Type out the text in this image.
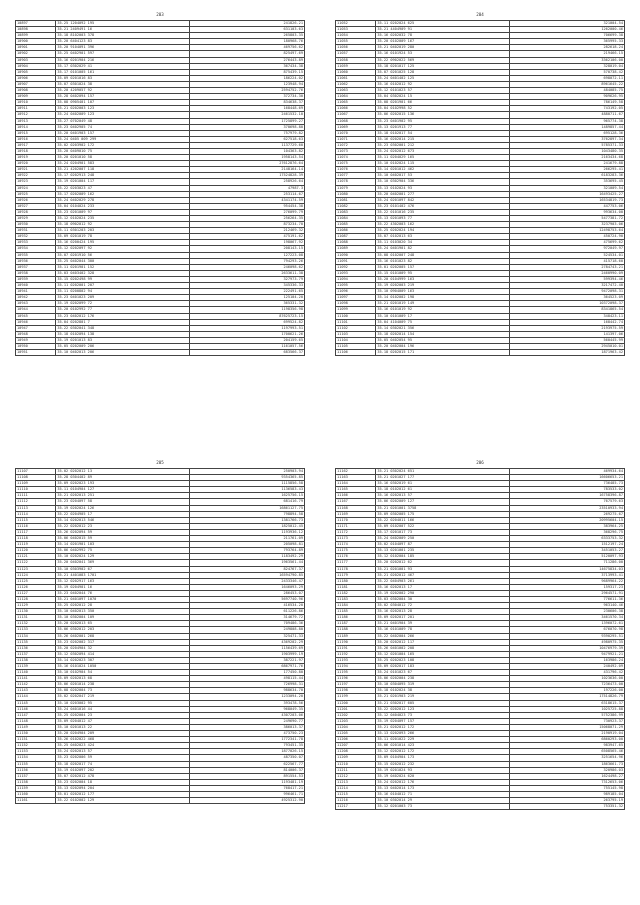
203
10897	35.25 1204092 195	241826.21
10898	35.21 2409491 16	631103.63
10899	35.18 8102003 378	265803.35
10900	35.20 6404123 83	180968.76
10901	35.20 9104091 396	469756.62
10902	35.25 0402901 597	825497.69
10903	35.16 0201904 216	276443.89
10904	35.17 0302029 41	367434.38
10905	35.17 0101005 161	875439.15
10906	35.09 0201016 83	186224.02
10907	35.07 0301024 38	123948.94
10908	35.20 4209057 92	2594752.76
10909	35.28 0402094 157	372734.30
10910	35.08 0905401 107	834638.37
10911	35.21 0202003 123	168448.69
10912	35.24 0402009 123	2461532.10
10913	35.27 0702049 48	1725899.27
10914	35.23 0402905 74	370698.80
10915	35.20 0401903 157	757979.82
10916	35.24 0405 009 299	627518.63
10917	35.02 0203902 172	1137729.60
10918	35.20 0409010 75	104363.82
10919	35.20 0201010 58	1958143.54
10920	35.24 0204901 583	27612876.64
10921	35.21 4202007 118	2148164.14
10922	35.17 0202913 248	17524828.39
10923	35.19 0201004 117	258926.64
10924	35.22 0203023 47	47987.3
10925	35.17 0202009 162	253114.67
10926	35.24 0402029 278	4341174.59
10927	35.04 0104024 233	954454.38
10928	35.23 0201009 97	276099.79
10929	35.12 0102024 235	256264.35
10930	35.18 0902012 92	873234.70
10931	35.11 0301203 203	212469.32
10932	35.09 0201019 78	475191.62
10933	35.16 0200424 195	198067.92
10934	35.12 0202097 92	208143.15
10935	35.07 0201910 56	127223.08
10936	35.25 0402044 300	794293.26
10937	35.11 0201901 152	246098.62
10938	35.03 0403402 328	2633611.38
10939	35.15 0202498 99	327973.79
10940	35.11 0202001 207	345336.33
10941	35.11 0200802 94	222491.65
10942	35.23 0401023 209	125104.20
10943	35.19 0202099 72	365331.32
10944	35.20 0102992 77	1198356.98
10945	35.23 0402012 176	87625723.15
10946	35.04 0202801 7	699524.82
10947	35.22 0302041 348	1197993.51
10948	35.18 0102094 138	1700621.26
10949	35.19 0201013 83	204159.65
10950	35.05 0202009 206	1161057.56
10951	35.10 0402013 206	683566.37
204
11052	35.11 0202024 625	321004.54
11053	35.21 4404909 91	1262000.46
11054	35.16 0202032 78	706699.38
11055	35.20 0102009 167	365995.33
11056	35.21 0402019 280	282618.24
11057	35.16 0101924 53	219466.15
11058	35.22 0902022 569	3362106.00
11059	35.18 0201017 125	328019.04
11060	35.07 0201025 128	570738.42
11061	35.24 0401402 125	698072.11
11062	35.16 0102012 92	8961645.22
11063	35.12 0101023 57	484085.75
11064	35.04 0302024 15	909626.95
11065	35.08 0201901 66	786149.58
11066	35.04 0102998 52	743192.05
11067	35.06 0202015 136	4880711.67
11068	35.23 0401902 95	965774.38
11069	35.13 0201913 77	1489857.44
11070	35.18 0102017 54	695128.36
11071	35.16 0202014 215	3762897.34
11072	35.23 0302001 212	5785371.33
11073	35.24 0202012 673	1043480.35
11074	35.11 0204029 165	2163434.68
11075	35.10 0102024 115	241679.88
11076	35.14 0201012 462	266295.41
11077	35.10 0402017 53	6183283.36
11078	35.10 0302904 336	353695.45
11079	35.13 0102024 93	321009.54
11080	35.20 0402001 277	16493425.27
11081	35.24 0201097 842	16534819.73
11082	35.23 0101402 476	447753.06
11083	35.22 0101016 235	993634.00
11084	35.13 0201093 77	5477381.72
11085	35.22 4302003 162	3237903.06
11086	35.25 0202024 194	12498753.64
11087	35.07 0102013 63	450724.90
11088	35.11 0103020 34	475699.62
11089	35.24 0401901 82	972049.97
11090	35.08 0102007 248	524534.01
11091	35.16 0101023 82	415718.60
11092	35.01 0202005 157	2784743.21
11093	35.15 0101009 95	2460990.09
11094	35.20 0104999 163	599394.46
11095	35.19 0202003 219	3217472.40
11096	35.10 0904009 163	9472098.31
11097	35.14 0102002 198	364523.09
11098	35.21 0201019 149	10372098.37
11099	35.16 0101019 92	8341865.54
11100	35.10 0101009 17	348423.11
11101	35.04 4104009 75	168442.74
11102	35.14 0302021 356	2193975.59
11103	35.18 0202014 154	141397.06
11104	35.05 0402054 95	560445.99
11105	35.20 0402004 196	2945010.01
11106	35.18 0202015 171	1871963.42
205
11107	35.02 0202012 13	250903.94
11108	35.28 0304402 89	9354365.85
11109	35.09 0202023 193	1115856.58
11110	35.11 0104904 127	1136583.43
11111	35.21 0202013 251	1625756.15
11112	35.23 0204097 58	681416.79
11113	35.19 0202024 126	16861127.75
11114	35.22 0204905 17	798894.58
11115	35.14 0202013 546	1381766.73
11116	35.22 0202012 23	1825012.45
11117	35.26 0202094 59	1193936.12
11118	35.06 0402015 59	211761.09
11119	35.14 0201901 103	205098.81
11120	35.06 0402992 75	793764.89
11121	35.10 0202024 129	1183492.29
11122	35.20 0402041 369	1963561.44
11123	35.10 0303902 67	824767.37
11124	35.21 4401083 1701	16594790.85
11125	35.12 0202917 163	2433346.47
11126	35.19 0204901 16	1646093.29
11127	35.23 0402044 76	286453.07
11128	35.21 0401097 1070	5697740.96
11129	35.25 0202012 28	416534.20
11130	35.10 0402013 350	611226.86
11131	35.10 0302004 109	314679.72
11132	35.20 0202013 65	709486.36
11133	35.06 0302012 203	249808.80
11134	35.26 0402001 268	325471.33
11135	35.23 0202002 317	4369202.29
11136	35.20 0204904 32	1156439.69
11137	35.12 0302094 414	1903999.19
11138	35.14 0202023 307	387221.97
11139	35.16 0101024 1050	6867971.76
11140	35.10 0102904 54	177450.80
11141	35.09 0202013 68	498115.44
11142	35.06 0201014 238	726998.31
11143	35.08 0202004 73	988634.70
11144	35.02 0202047 219	1233094.20
11145	35.10 0203002 95	393478.56
11146	35.24 0401016 44	968049.35
11147	35.25 0202004 23	4307203.06
11148	35.09 0204012 47	249690.77
11149	35.10 0201013 22	386013.37
11150	35.20 0204904 209	473750.23
11151	35.26 0102022 468	1772341.78
11152	35.25 0402023 424	793451.35
11153	35.24 0202013 57	1877026.15
11154	35.23 0202006 59	487350.07
11155	35.18 0202017 74	622567.77
11156	35.19 0102097 202	814006.37
11157	35.07 0202012 478	891554.53
11158	35.23 0202004 18	1193481.19
11159	35.13 0202094 204	768417.21
11160	35.01 0202012 177	996461.71
11161	35.22 0102002 129	4925312.90
206
11162	35.21 0302024 651	469934.64
11163	35.21 0201027 177	16606653.21
11164	35.16 0302019 61	736485.73
11165	35.18 0102012 61	783533.02
11166	35.16 0202013 57	16758396.87
11167	35.06 0202009 127	767579.63
11168	35.21 0201001 3758	23510933.94
11169	35.09 0302005 175	269275.67
11170	35.22 0204011 166	20995604.15
11171	35.09 0102007 522	383964.25
11172	35.17 0201017 73	368296.75
11173	35.24 0402009 250	6333753.32
11174	35.02 0104097 87	1512197.24
11175	35.13 0201001 235	3451053.27
11176	35.12 0102004 185	5120097.93
11177	35.20 0202012 62	711286.00
11178	35.21 0201001 93	14675834.03
11179	35.21 0202012 467	3713993.41
11180	35.22 0404903 261	9689964.22
11181	35.16 0202013 17	159317.23
11182	35.19 0202002 290	2964571.91
11183	35.03 0302004 30	776611.36
11184	35.02 0304012 72	963140.46
11185	35.16 0202013 28	230606.38
11186	35.09 0202017 201	3461570.34
11187	35.21 0401904 39	1396072.61
11188	35.16 0101009 78	676070.98
11189	35.22 0402004 266	9390295.51
11190	35.20 0202012 117	4980975.35
11191	35.26 0401002 208	10476979.39
11192	35.12 0201004 165	9479921.21
11193	35.25 0202023 108	163986.24
11194	35.09 0202017 183	240492.09
11195	35.24 0101023 67	431796.42
11196	35.06 0202004 238	1023636.00
11197	35.10 0304095 319	7236473.00
11198	35.18 0102024 38	197226.00
11199	35.21 0201903 219	17514826.79
11200	35.21 0302017 605	6318615.37
11201	35.22 0202012 123	1025725.88
11202	35.12 0404023 73	5752386.99
11203	35.19 0204097 157	730923.37
11204	35.21 0202012 172	15068071.29
11205	35.13 0202093 266	2190919.04
11206	35.11 0201022 229	6860293.00
11207	35.06 0201014 423	983947.65
11208	35.12 0202012 172	6508565.46
11209	35.09 0104904 173	3251654.96
11210	35.15 0202012 232	1863661.73
11211	35.19 0201024 93	320986.03
11212	35.19 0402024 620	1624498.27
11213	35.24 0202012 176	7312653.06
11214	35.13 0402014 173	755145.98
11215	35.16 0104012 71	989185.04
11216	35.10 0302014 29	263795.19
11217	35.12 0201003 73	753351.32
